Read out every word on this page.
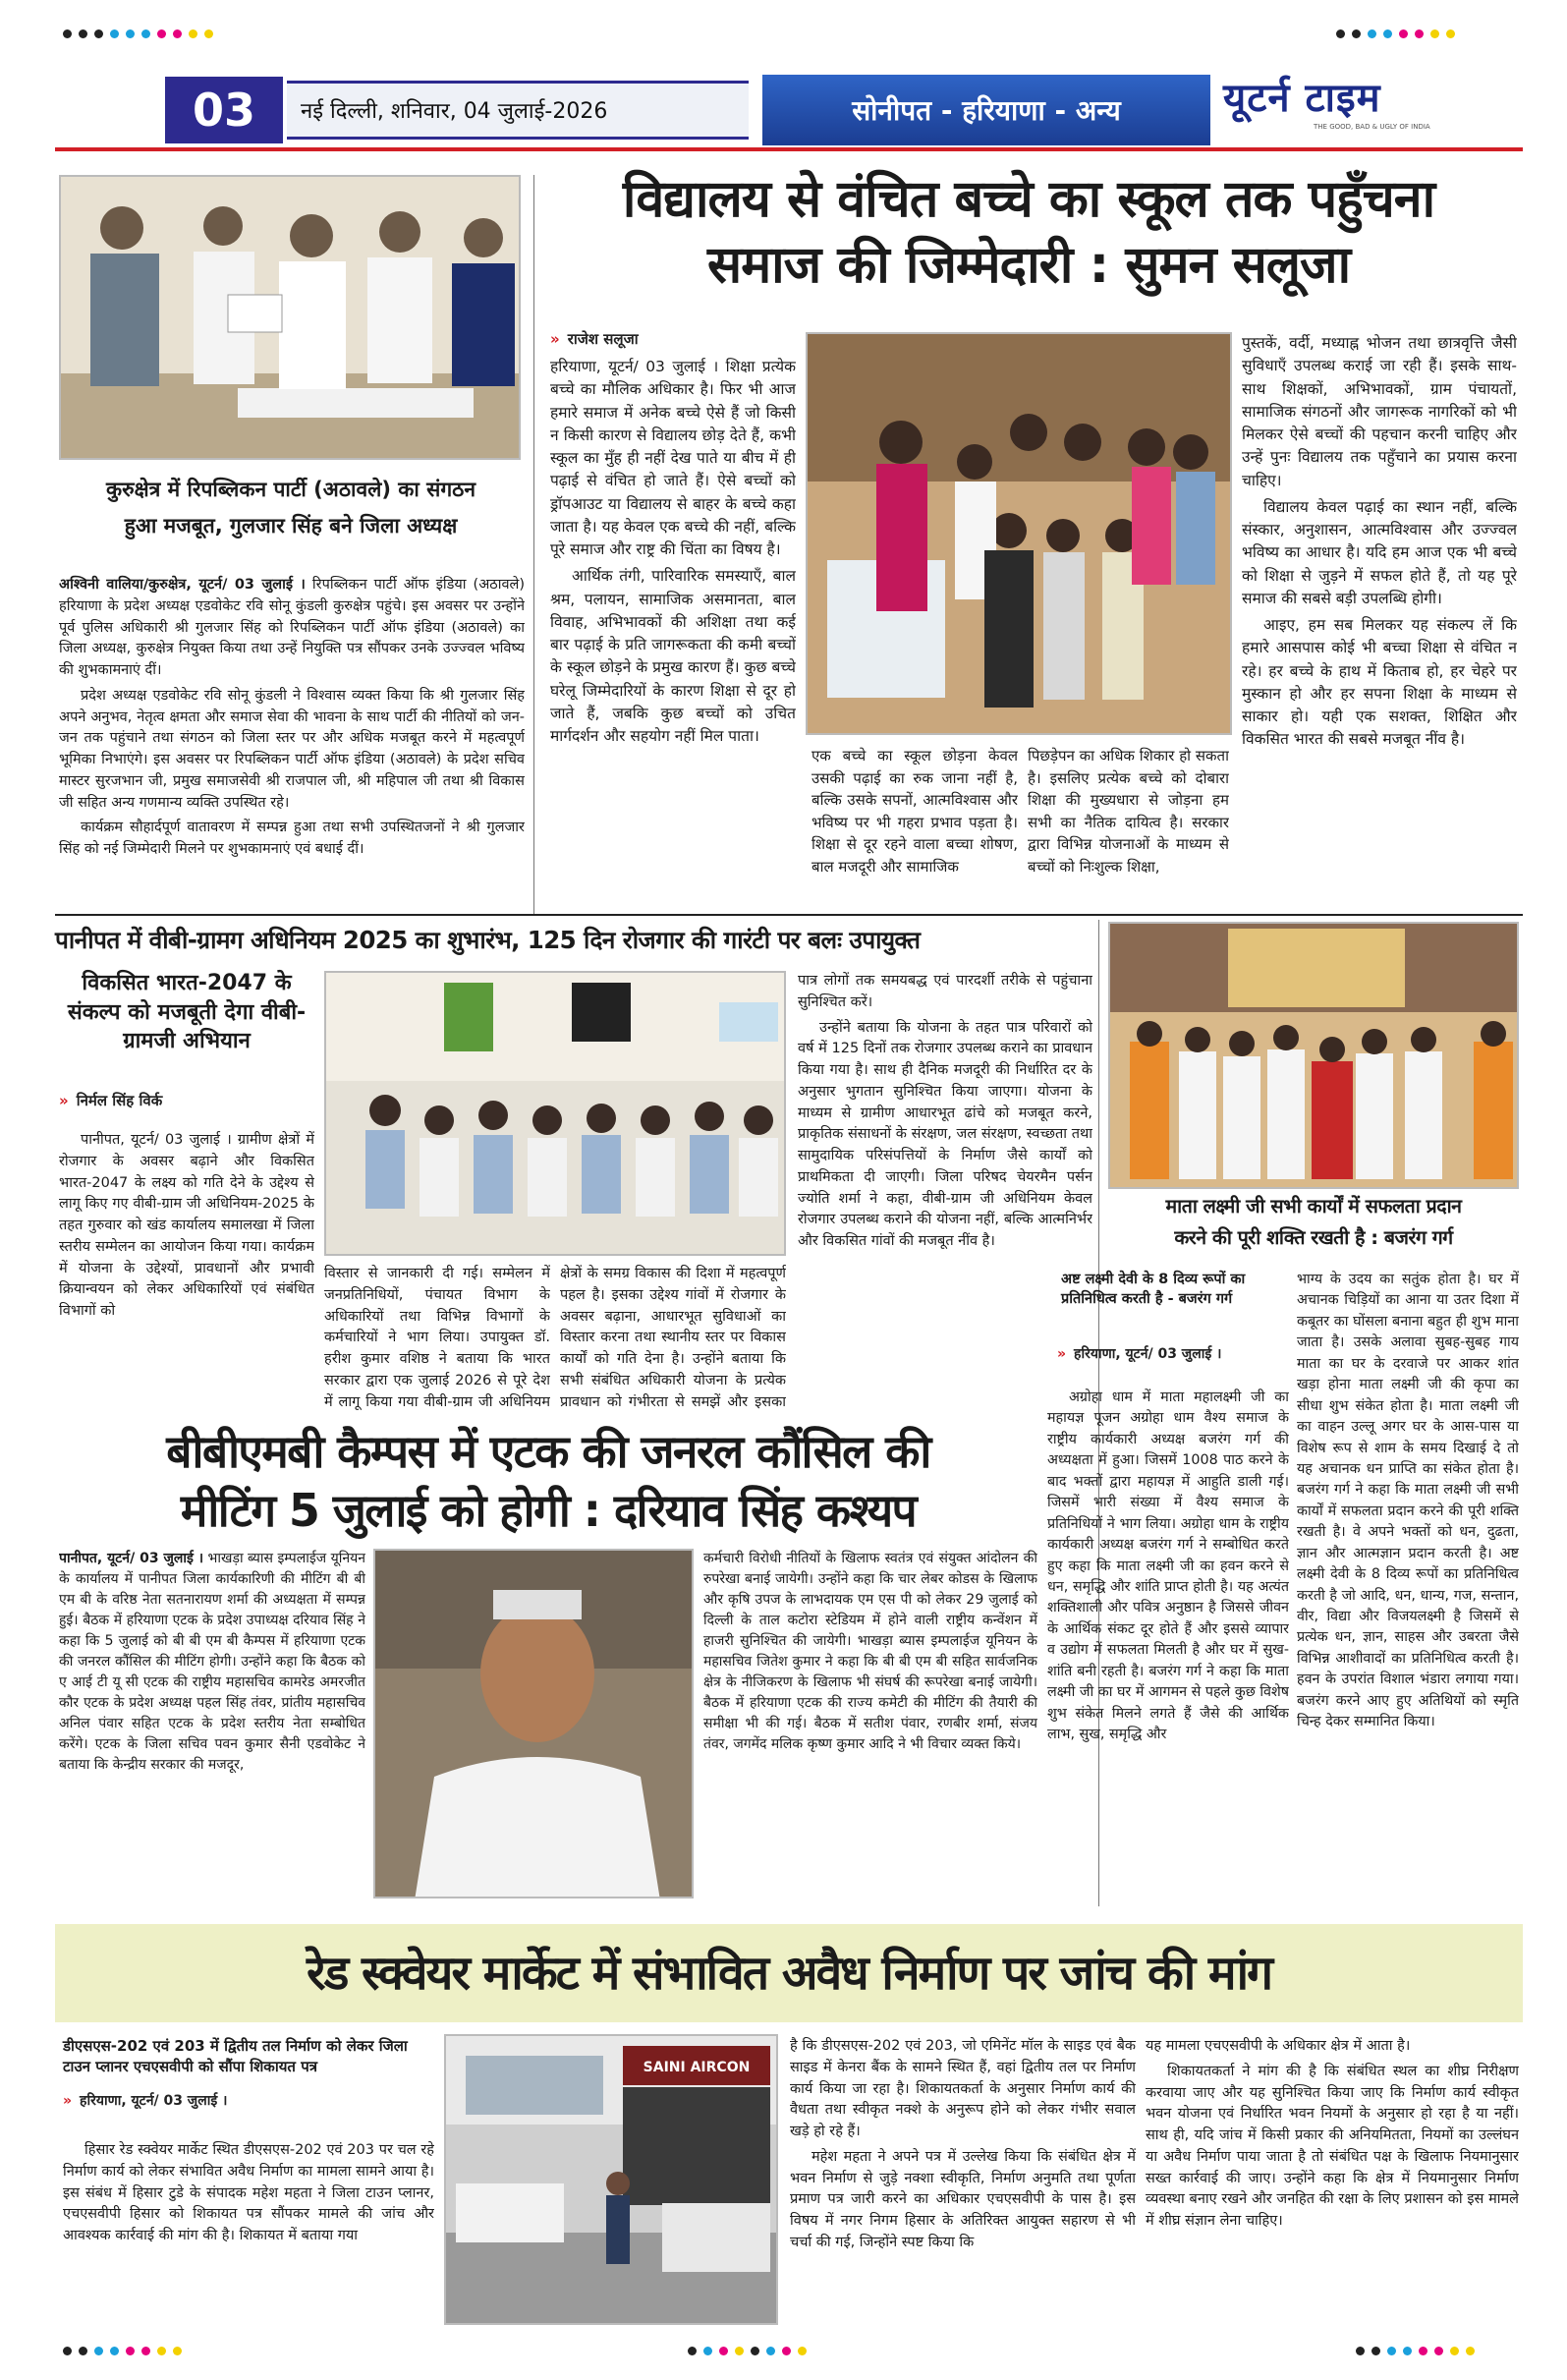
03	नई दिल्ली, शनिवार, 04 जुलाई-2026	सोनीपत - हरियाणा - अन्य	यूटर्न टाइम
THE GOOD, BAD & UGLY OF INDIA
कुरुक्षेत्र में रिपब्लिकन पार्टी (अठावले) का संगठन
हुआ मजबूत, गुलजार सिंह बने जिला अध्यक्ष

अश्विनी वालिया/कुरुक्षेत्र, यूटर्न/ 03 जुलाई । रिपब्लिकन पार्टी ऑफ इंडिया (अठावले) हरियाणा के प्रदेश अध्यक्ष एडवोकेट रवि सोनू कुंडली कुरुक्षेत्र पहुंचे। इस अवसर पर उन्होंने पूर्व पुलिस अधिकारी श्री गुलजार सिंह को रिपब्लिकन पार्टी ऑफ इंडिया (अठावले) का जिला अध्यक्ष, कुरुक्षेत्र नियुक्त किया तथा उन्हें नियुक्ति पत्र सौंपकर उनके उज्ज्वल भविष्य की शुभकामनाएं दीं।

प्रदेश अध्यक्ष एडवोकेट रवि सोनू कुंडली ने विश्वास व्यक्त किया कि श्री गुलजार सिंह अपने अनुभव, नेतृत्व क्षमता और समाज सेवा की भावना के साथ पार्टी की नीतियों को जन-जन तक पहुंचाने तथा संगठन को जिला स्तर पर और अधिक मजबूत करने में महत्वपूर्ण भूमिका निभाएंगे। इस अवसर पर रिपब्लिकन पार्टी ऑफ इंडिया (अठावले) के प्रदेश सचिव मास्टर सुरजभान जी, प्रमुख समाजसेवी श्री राजपाल जी, श्री महिपाल जी तथा श्री विकास जी सहित अन्य गणमान्य व्यक्ति उपस्थित रहे।

कार्यक्रम सौहार्दपूर्ण वातावरण में सम्पन्न हुआ तथा सभी उपस्थितजनों ने श्री गुलजार सिंह को नई जिम्मेदारी मिलने पर शुभकामनाएं एवं बधाई दीं।

विद्यालय से वंचित बच्चे का स्कूल तक पहुँचना
समाज की जिम्मेदारी : सुमन सलूजा
» राजेश सलूजा

हरियाणा, यूटर्न/ 03 जुलाई । शिक्षा प्रत्येक बच्चे का मौलिक अधिकार है। फिर भी आज हमारे समाज में अनेक बच्चे ऐसे हैं जो किसी न किसी कारण से विद्यालय छोड़ देते हैं, कभी स्कूल का मुँह ही नहीं देख पाते या बीच में ही पढ़ाई से वंचित हो जाते हैं। ऐसे बच्चों को ड्रॉपआउट या विद्यालय से बाहर के बच्चे कहा जाता है। यह केवल एक बच्चे की नहीं, बल्कि पूरे समाज और राष्ट्र की चिंता का विषय है।

आर्थिक तंगी, पारिवारिक समस्याएँ, बाल श्रम, पलायन, सामाजिक असमानता, बाल विवाह, अभिभावकों की अशिक्षा तथा कई बार पढ़ाई के प्रति जागरूकता की कमी बच्चों के स्कूल छोड़ने के प्रमुख कारण हैं। कुछ बच्चे घरेलू जिम्मेदारियों के कारण शिक्षा से दूर हो जाते हैं, जबकि कुछ बच्चों को उचित मार्गदर्शन और सहयोग नहीं मिल पाता।

एक बच्चे का स्कूल छोड़ना केवल उसकी पढ़ाई का रुक जाना नहीं है, बल्कि उसके सपनों, आत्मविश्वास और भविष्य पर भी गहरा प्रभाव पड़ता है। शिक्षा से दूर रहने वाला बच्चा शोषण, बाल मजदूरी और सामाजिक
पिछड़ेपन का अधिक शिकार हो सकता है। इसलिए प्रत्येक बच्चे को दोबारा शिक्षा की मुख्यधारा से जोड़ना हम सभी का नैतिक दायित्व है। सरकार द्वारा विभिन्न योजनाओं के माध्यम से बच्चों को निःशुल्क शिक्षा,

पुस्तकें, वर्दी, मध्याह्न भोजन तथा छात्रवृत्ति जैसी सुविधाएँ उपलब्ध कराई जा रही हैं। इसके साथ-साथ शिक्षकों, अभिभावकों, ग्राम पंचायतों, सामाजिक संगठनों और जागरूक नागरिकों को भी मिलकर ऐसे बच्चों की पहचान करनी चाहिए और उन्हें पुनः विद्यालय तक पहुँचाने का प्रयास करना चाहिए।

विद्यालय केवल पढ़ाई का स्थान नहीं, बल्कि संस्कार, अनुशासन, आत्मविश्वास और उज्ज्वल भविष्य का आधार है। यदि हम आज एक भी बच्चे को शिक्षा से जुड़ने में सफल होते हैं, तो यह पूरे समाज की सबसे बड़ी उपलब्धि होगी।

आइए, हम सब मिलकर यह संकल्प लें कि हमारे आसपास कोई भी बच्चा शिक्षा से वंचित न रहे। हर बच्चे के हाथ में किताब हो, हर चेहरे पर मुस्कान हो और हर सपना शिक्षा के माध्यम से साकार हो। यही एक सशक्त, शिक्षित और विकसित भारत की सबसे मजबूत नींव है।

पानीपत में वीबी-ग्रामग अधिनियम 2025 का शुभारंभ, 125 दिन रोजगार की गारंटी पर बलः उपायुक्त
विकसित भारत-2047 के संकल्प को मजबूती देगा वीबी-ग्रामजी अभियान
» निर्मल सिंह विर्क
पानीपत, यूटर्न/ 03 जुलाई । ग्रामीण क्षेत्रों में रोजगार के अवसर बढ़ाने और विकसित भारत-2047 के लक्ष्य को गति देने के उद्देश्य से लागू किए गए वीबी-ग्राम जी अधिनियम-2025 के तहत गुरुवार को खंड कार्यालय समालखा में जिला स्तरीय सम्मेलन का आयोजन किया गया। कार्यक्रम में योजना के उद्देश्यों, प्रावधानों और प्रभावी क्रियान्वयन को लेकर अधिकारियों एवं संबंधित विभागों को
विस्तार से जानकारी दी गई। सम्मेलन में जनप्रतिनिधियों, पंचायत विभाग के अधिकारियों तथा विभिन्न विभागों के कर्मचारियों ने भाग लिया। उपायुक्त डॉ. हरीश कुमार वशिष्ठ ने बताया कि भारत सरकार द्वारा एक जुलाई 2026 से पूरे देश में लागू किया गया वीबी-ग्राम जी अधिनियम
क्षेत्रों के समग्र विकास की दिशा में महत्वपूर्ण पहल है। इसका उद्देश्य गांवों में रोजगार के अवसर बढ़ाना, आधारभूत सुविधाओं का विस्तार करना तथा स्थानीय स्तर पर विकास कार्यों को गति देना है। उन्होंने बताया कि सभी संबंधित अधिकारी योजना के प्रत्येक प्रावधान को गंभीरता से समझें और इसका

पात्र लोगों तक समयबद्ध एवं पारदर्शी तरीके से पहुंचाना सुनिश्चित करें।

उन्होंने बताया कि योजना के तहत पात्र परिवारों को वर्ष में 125 दिनों तक रोजगार उपलब्ध कराने का प्रावधान किया गया है। साथ ही दैनिक मजदूरी की निर्धारित दर के अनुसार भुगतान सुनिश्चित किया जाएगा। योजना के माध्यम से ग्रामीण आधारभूत ढांचे को मजबूत करने, प्राकृतिक संसाधनों के संरक्षण, जल संरक्षण, स्वच्छता तथा सामुदायिक परिसंपत्तियों के निर्माण जैसे कार्यों को प्राथमिकता दी जाएगी। जिला परिषद चेयरमैन पर्सन ज्योति शर्मा ने कहा, वीबी-ग्राम जी अधिनियम केवल रोजगार उपलब्ध कराने की योजना नहीं, बल्कि आत्मनिर्भर और विकसित गांवों की मजबूत नींव है।

माता लक्ष्मी जी सभी कार्यों में सफलता प्रदान
करने की पूरी शक्ति रखती है : बजरंग गर्ग
अष्ट लक्ष्मी देवी के 8 दिव्य रूपों का प्रतिनिधित्व करती है - बजरंग गर्ग
» हरियाणा, यूटर्न/ 03 जुलाई ।
अग्रोहा धाम में माता महालक्ष्मी जी का महायज्ञ पूजन अग्रोहा धाम वैश्य समाज के राष्ट्रीय कार्यकारी अध्यक्ष बजरंग गर्ग की अध्यक्षता में हुआ। जिसमें 1008 पाठ करने के बाद भक्तों द्वारा महायज्ञ में आहुति डाली गई। जिसमें भारी संख्या में वैश्य समाज के प्रतिनिधियों ने भाग लिया। अग्रोहा धाम के राष्ट्रीय कार्यकारी अध्यक्ष बजरंग गर्ग ने सम्बोधित करते हुए कहा कि माता लक्ष्मी जी का हवन करने से धन, समृद्धि और शांति प्राप्त होती है। यह अत्यंत शक्तिशाली और पवित्र अनुष्ठान है जिससे जीवन के आर्थिक संकट दूर होते हैं और इससे व्यापार व उद्योग में सफलता मिलती है और घर में सुख-शांति बनी रहती है। बजरंग गर्ग ने कहा कि माता लक्ष्मी जी का घर में आगमन से पहले कुछ विशेष शुभ संकेत मिलने लगते हैं जैसे की आर्थिक लाभ, सुख, समृद्धि और
भाग्य के उदय का सतुंक होता है। घर में अचानक चिड़ियों का आना या उतर दिशा में कबूतर का घोंसला बनाना बहुत ही शुभ माना जाता है। उसके अलावा सुबह-सुबह गाय माता का घर के दरवाजे पर आकर शांत खड़ा होना माता लक्ष्मी जी की कृपा का सीधा शुभ संकेत होता है। माता लक्ष्मी जी का वाहन उल्लू अगर घर के आस-पास या विशेष रूप से शाम के समय दिखाई दे तो यह अचानक धन प्राप्ति का संकेत होता है। बजरंग गर्ग ने कहा कि माता लक्ष्मी जी सभी कार्यों में सफलता प्रदान करने की पूरी शक्ति रखती है। वे अपने भक्तों को धन, दुढता, ज्ञान और आत्मज्ञान प्रदान करती है। अष्ट लक्ष्मी देवी के 8 दिव्य रूपों का प्रतिनिधित्व करती है जो आदि, धन, धान्य, गज, सन्तान, वीर, विद्या और विजयलक्ष्मी है जिसमें से प्रत्येक धन, ज्ञान, साहस और उबरता जैसे विभिन्न आशीवादों का प्रतिनिधित्व करती है। हवन के उपरांत विशाल भंडारा लगाया गया। बजरंग करने आए हुए अतिथियों को स्मृति चिन्ह देकर सम्मानित किया।
बीबीएमबी कैम्पस में एटक की जनरल कौंसिल की
मीटिंग 5 जुलाई को होगी : दरियाव सिंह कश्यप

पानीपत, यूटर्न/ 03 जुलाई । भाखड़ा ब्यास इम्पलाईज यूनियन के कार्यालय में पानीपत जिला कार्यकारिणी की मीटिंग बी बी एम बी के वरिष्ठ नेता सतनारायण शर्मा की अध्यक्षता में सम्पन्न हुई। बैठक में हरियाणा एटक के प्रदेश उपाध्यक्ष दरियाव सिंह ने कहा कि 5 जुलाई को बी बी एम बी कैम्पस में हरियाणा एटक की जनरल कौंसिल की मीटिंग होगी। उन्होंने कहा कि बैठक को ए आई टी यू सी एटक की राष्ट्रीय महासचिव कामरेड अमरजीत कौर एटक के प्रदेश अध्यक्ष पहल सिंह तंवर, प्रांतीय महासचिव अनिल पंवार सहित एटक के प्रदेश स्तरीय नेता सम्बोधित करेंगे। एटक के जिला सचिव पवन कुमार सैनी एडवोकेट ने बताया कि केन्द्रीय सरकार की मजदूर,

कर्मचारी विरोधी नीतियों के खिलाफ स्वतंत्र एवं संयुक्त आंदोलन की रुपरेखा बनाई जायेगी। उन्होंने कहा कि चार लेबर कोडस के खिलाफ और कृषि उपज के लाभदायक एम एस पी को लेकर 29 जुलाई को दिल्ली के ताल कटोरा स्टेडियम में होने वाली राष्ट्रीय कन्वेंशन में हाजरी सुनिश्चित की जायेगी। भाखड़ा ब्यास इम्पलाईज यूनियन के महासचिव जितेश कुमार ने कहा कि बी बी एम बी सहित सार्वजनिक क्षेत्र के नीजिकरण के खिलाफ भी संघर्ष की रूपरेखा बनाई जायेगी। बैठक में हरियाणा एटक की राज्य कमेटी की मीटिंग की तैयारी की समीक्षा भी की गई। बैठक में सतीश पंवार, रणबीर शर्मा, संजय तंवर, जगमेंद मलिक कृष्ण कुमार आदि ने भी विचार व्यक्त किये।
रेड स्क्वेयर मार्केट में संभावित अवैध निर्माण पर जांच की मांग
डीएसएस-202 एवं 203 में द्वितीय तल निर्माण को लेकर जिला टाउन प्लानर एचएसवीपी को सौंपा शिकायत पत्र
» हरियाणा, यूटर्न/ 03 जुलाई ।
हिसार रेड स्क्वेयर मार्केट स्थित डीएसएस-202 एवं 203 पर चल रहे निर्माण कार्य को लेकर संभावित अवैध निर्माण का मामला सामने आया है। इस संबंध में हिसार टुडे के संपादक महेश महता ने जिला टाउन प्लानर, एचएसवीपी हिसार को शिकायत पत्र सौंपकर मामले की जांच और आवश्यक कार्रवाई की मांग की है। शिकायत में बताया गया
SAINI AIRCON

है कि डीएसएस-202 एवं 203, जो एमिनेंट मॉल के साइड एवं बैक साइड में केनरा बैंक के सामने स्थित हैं, वहां द्वितीय तल पर निर्माण कार्य किया जा रहा है। शिकायतकर्ता के अनुसार निर्माण कार्य की वैधता तथा स्वीकृत नक्शे के अनुरूप होने को लेकर गंभीर सवाल खड़े हो रहे हैं।

महेश महता ने अपने पत्र में उल्लेख किया कि संबंधित क्षेत्र में भवन निर्माण से जुड़े नक्शा स्वीकृति, निर्माण अनुमति तथा पूर्णता प्रमाण पत्र जारी करने का अधिकार एचएसवीपी के पास है। इस विषय में नगर निगम हिसार के अतिरिक्त आयुक्त सहारण से भी चर्चा की गई, जिन्होंने स्पष्ट किया कि

यह मामला एचएसवीपी के अधिकार क्षेत्र में आता है।

शिकायतकर्ता ने मांग की है कि संबंधित स्थल का शीघ्र निरीक्षण करवाया जाए और यह सुनिश्चित किया जाए कि निर्माण कार्य स्वीकृत भवन योजना एवं निर्धारित भवन नियमों के अनुसार हो रहा है या नहीं। साथ ही, यदि जांच में किसी प्रकार की अनियमितता, नियमों का उल्लंघन या अवैध निर्माण पाया जाता है तो संबंधित पक्ष के खिलाफ नियमानुसार सख्त कार्रवाई की जाए। उन्होंने कहा कि क्षेत्र में नियमानुसार निर्माण व्यवस्था बनाए रखने और जनहित की रक्षा के लिए प्रशासन को इस मामले में शीघ्र संज्ञान लेना चाहिए।
